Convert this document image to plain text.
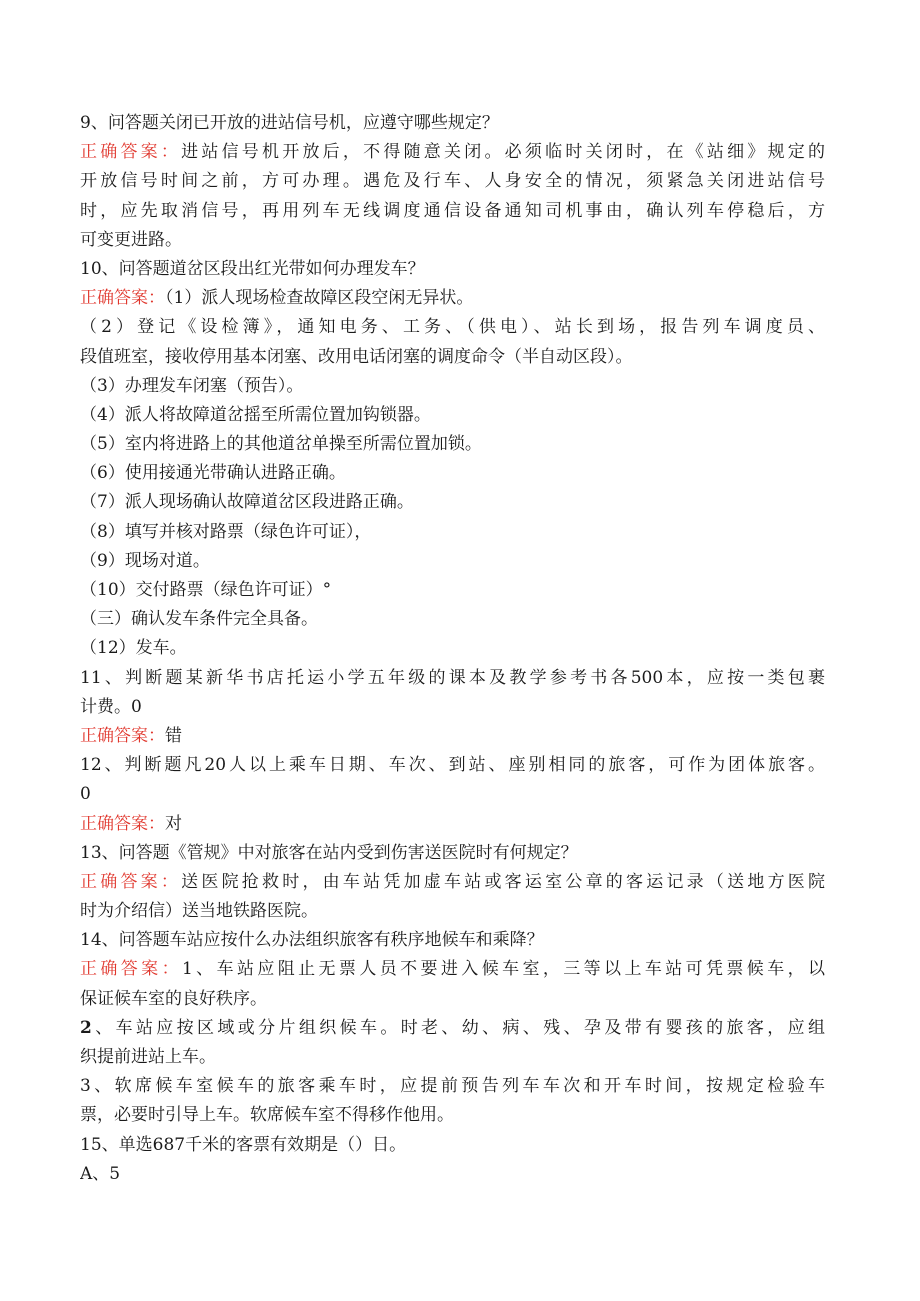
9、问答题关闭已开放的进站信号机，应遵守哪些规定？
正确答案：进站信号机开放后，不得随意关闭。必须临时关闭时，在《站细》规定的
开放信号时间之前，方可办理。遇危及行车、人身安全的情况，须紧急关闭进站信号
时，应先取消信号，再用列车无线调度通信设备通知司机事由，确认列车停稳后，方
可变更进路。
10、问答题道岔区段出红光带如何办理发车？
正确答案：（1）派人现场检查故障区段空闲无异状。
（2）登记《设检簿》，通知电务、工务、（供电）、站长到场，报告列车调度员、
段值班室，接收停用基本闭塞、改用电话闭塞的调度命令（半自动区段）。
（3）办理发车闭塞（预告）。
（4）派人将故障道岔摇至所需位置加钩锁器。
（5）室内将进路上的其他道岔单操至所需位置加锁。
（6）使用接通光带确认进路正确。
（7）派人现场确认故障道岔区段进路正确。
（8）填写并核对路票（绿色许可证），
（9）现场对道。
（10）交付路票（绿色许可证）°
（三）确认发车条件完全具备。
（12）发车。
11、判断题某新华书店托运小学五年级的课本及教学参考书各500本，应按一类包裹
计费。0
正确答案：错
12、判断题凡20人以上乘车日期、车次、到站、座别相同的旅客，可作为团体旅客。
0
正确答案：对
13、问答题《管规》中对旅客在站内受到伤害送医院时有何规定？
正确答案：送医院抢救时，由车站凭加虚车站或客运室公章的客运记录（送地方医院
时为介绍信）送当地铁路医院。
14、问答题车站应按什么办法组织旅客有秩序地候车和乘降？
正确答案：1、车站应阻止无票人员不要进入候车室，三等以上车站可凭票候车，以
保证候车室的良好秩序。
2、车站应按区域或分片组织候车。时老、幼、病、残、孕及带有婴孩的旅客，应组
织提前进站上车。
3、软席候车室候车的旅客乘车时，应提前预告列车车次和开车时间，按规定检验车
票，必要时引导上车。软席候车室不得移作他用。
15、单选687千米的客票有效期是（）日。
A、5
